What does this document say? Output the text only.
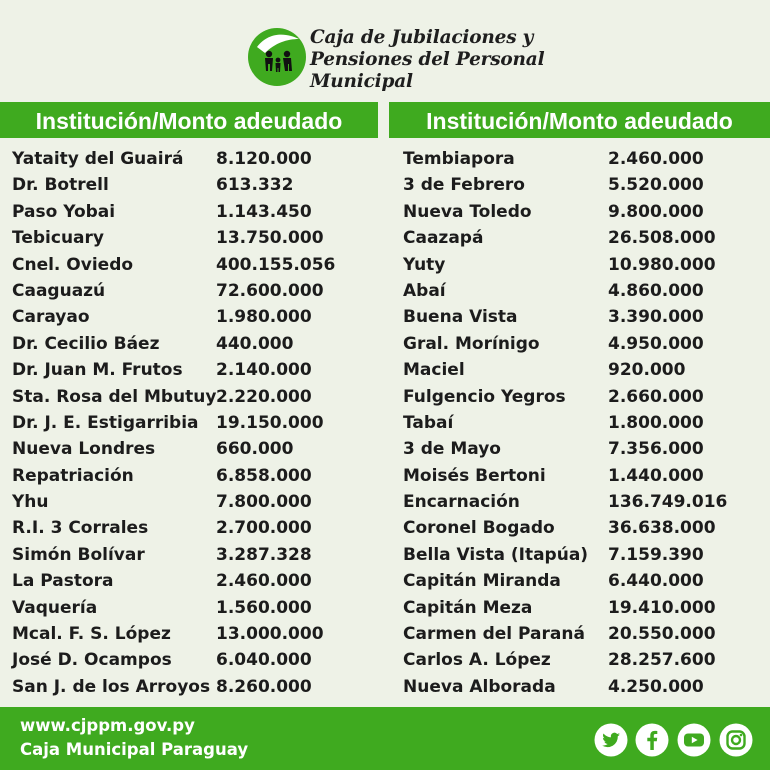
Caja de Jubilaciones y
Pensiones del Personal
Municipal
Institución/Monto adeudado
Yataity del Guairá 8.120.000
Dr. Botrell	613.332
Paso Yobai	1.143.450
Tebicuary	13.750.000
Cnel. Oviedo	400.155.056
Caaguazú	72.600.000
Carayao	1.980.000
Dr. Cecilio Báez	440.000
Dr. Juan M. Frutos 2.140.000
Sta. Rosa del Mbutuy 2.220.000
Dr. J. E. Estigarribia 19.150.000
Nueva Londres	660.000
Repatriación	6.858.000
Yhu	7.800.000
R.I. 3 Corrales	2.700.000
Simón Bolívar	3.287.328
La Pastora	2.460.000
Vaquería	1.560.000
Mcal. F. S. López	13.000.000
José D. Ocampos	6.040.000
San J. de los Arroyos 8.260.000
Institución/Monto adeudado
Tembiapora	2.460.000
3 de Febrero	5.520.000
Nueva Toledo	9.800.000
Caazapá	26.508.000
Yuty	10.980.000
Abaí	4.860.000
Buena Vista	3.390.000
Gral. Morínigo	4.950.000
Maciel	920.000
Fulgencio Yegros 2.660.000
Tabaí	1.800.000
3 de Mayo	7.356.000
Moisés Bertoni	1.440.000
Encarnación	136.749.016
Coronel Bogado	36.638.000
Bella Vista (Itapúa) 7.159.390
Capitán Miranda	6.440.000
Capitán Meza	19.410.000
Carmen del Paraná 20.550.000
Carlos A. López	28.257.600
Nueva Alborada	4.250.000
www.cjppm.gov.py
Caja Municipal Paraguay
